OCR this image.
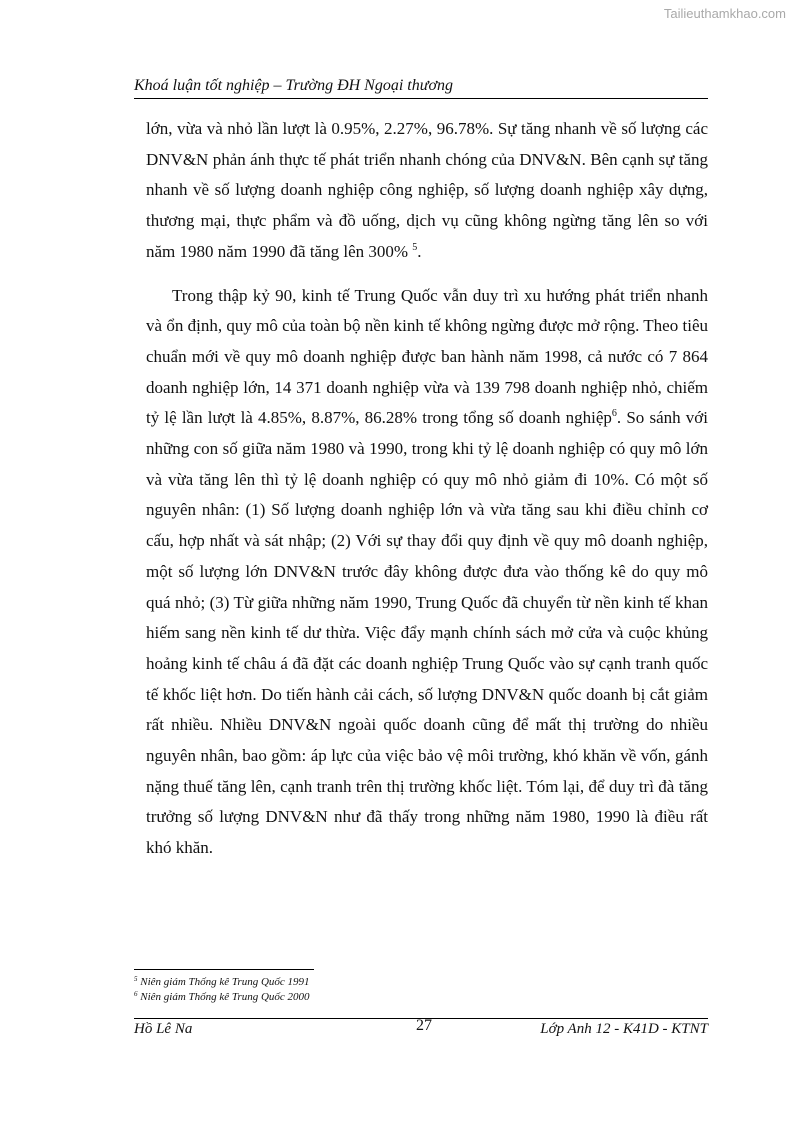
Tailieuthamkhao.com
Khoá luận tốt nghiệp – Trường ĐH Ngoại thương

lớn, vừa và nhỏ lần lượt là 0.95%, 2.27%, 96.78%. Sự tăng nhanh về số lượng các DNV&N phản ánh thực tế phát triển nhanh chóng của DNV&N. Bên cạnh sự tăng nhanh về số lượng doanh nghiệp công nghiệp, số lượng doanh nghiệp xây dựng, thương mại, thực phẩm và đồ uống, dịch vụ cũng không ngừng tăng lên so với năm 1980 năm 1990 đã tăng lên 300% $^5$.

Trong thập kỷ 90, kinh tế Trung Quốc vẫn duy trì xu hướng phát triển nhanh và ổn định, quy mô của toàn bộ nền kinh tế không ngừng được mở rộng. Theo tiêu chuẩn mới về quy mô doanh nghiệp được ban hành năm 1998, cả nước có 7 864 doanh nghiệp lớn, 14 371 doanh nghiệp vừa và 139 798 doanh nghiệp nhỏ, chiếm tỷ lệ lần lượt là 4.85%, 8.87%, 86.28% trong tổng số doanh nghiệp$^6$. So sánh với những con số giữa năm 1980 và 1990, trong khi tỷ lệ doanh nghiệp có quy mô lớn và vừa tăng lên thì tỷ lệ doanh nghiệp có quy mô nhỏ giảm đi 10%. Có một số nguyên nhân: (1) Số lượng doanh nghiệp lớn và vừa tăng sau khi điều chỉnh cơ cấu, hợp nhất và sát nhập; (2) Với sự thay đổi quy định về quy mô doanh nghiệp, một số lượng lớn DNV&N trước đây không được đưa vào thống kê do quy mô quá nhỏ; (3) Từ giữa những năm 1990, Trung Quốc đã chuyển từ nền kinh tế khan hiếm sang nền kinh tế dư thừa. Việc đẩy mạnh chính sách mở cửa và cuộc khủng hoảng kinh tế châu á đã đặt các doanh nghiệp Trung Quốc vào sự cạnh tranh quốc tế khốc liệt hơn. Do tiến hành cải cách, số lượng DNV&N quốc doanh bị cắt giảm rất nhiều. Nhiều DNV&N ngoài quốc doanh cũng để mất thị trường do nhiều nguyên nhân, bao gồm: áp lực của việc bảo vệ môi trường, khó khăn về vốn, gánh nặng thuế tăng lên, cạnh tranh trên thị trường khốc liệt. Tóm lại, để duy trì đà tăng trưởng số lượng DNV&N như đã thấy trong những năm 1980, 1990 là điều rất khó khăn.

$^5$ Niên giám Thống kê Trung Quốc 1991
$^6$ Niên giám Thống kê Trung Quốc 2000
Hồ Lê Na	27	Lớp Anh 12 - K41D - KTNT
